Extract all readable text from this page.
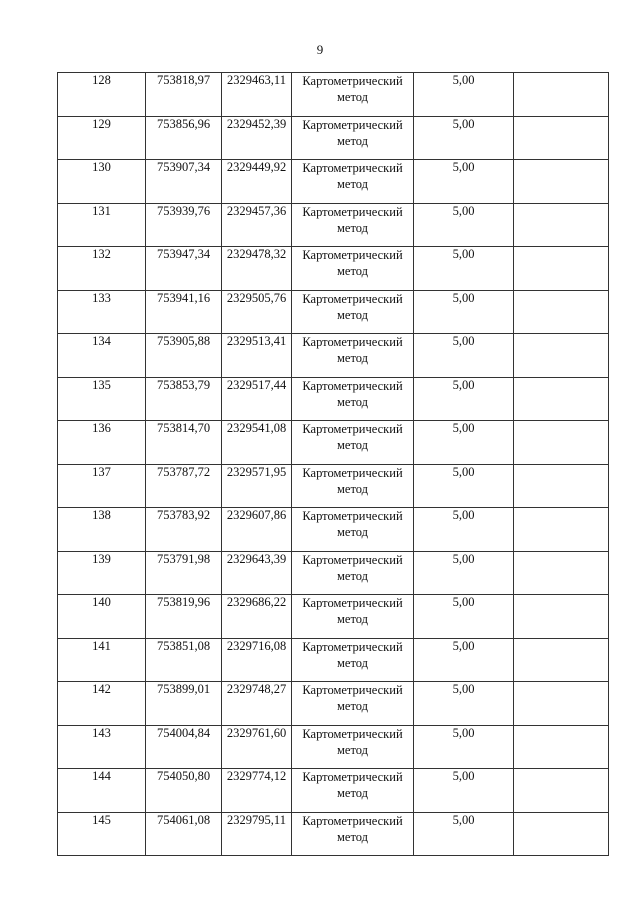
9
128	753818,97	2329463,11	Картометрический
метод	5,00	
129	753856,96	2329452,39	Картометрический
метод	5,00	
130	753907,34	2329449,92	Картометрический
метод	5,00	
131	753939,76	2329457,36	Картометрический
метод	5,00	
132	753947,34	2329478,32	Картометрический
метод	5,00	
133	753941,16	2329505,76	Картометрический
метод	5,00	
134	753905,88	2329513,41	Картометрический
метод	5,00	
135	753853,79	2329517,44	Картометрический
метод	5,00	
136	753814,70	2329541,08	Картометрический
метод	5,00	
137	753787,72	2329571,95	Картометрический
метод	5,00	
138	753783,92	2329607,86	Картометрический
метод	5,00	
139	753791,98	2329643,39	Картометрический
метод	5,00	
140	753819,96	2329686,22	Картометрический
метод	5,00	
141	753851,08	2329716,08	Картометрический
метод	5,00	
142	753899,01	2329748,27	Картометрический
метод	5,00	
143	754004,84	2329761,60	Картометрический
метод	5,00	
144	754050,80	2329774,12	Картометрический
метод	5,00	
145	754061,08	2329795,11	Картометрический
метод	5,00	
